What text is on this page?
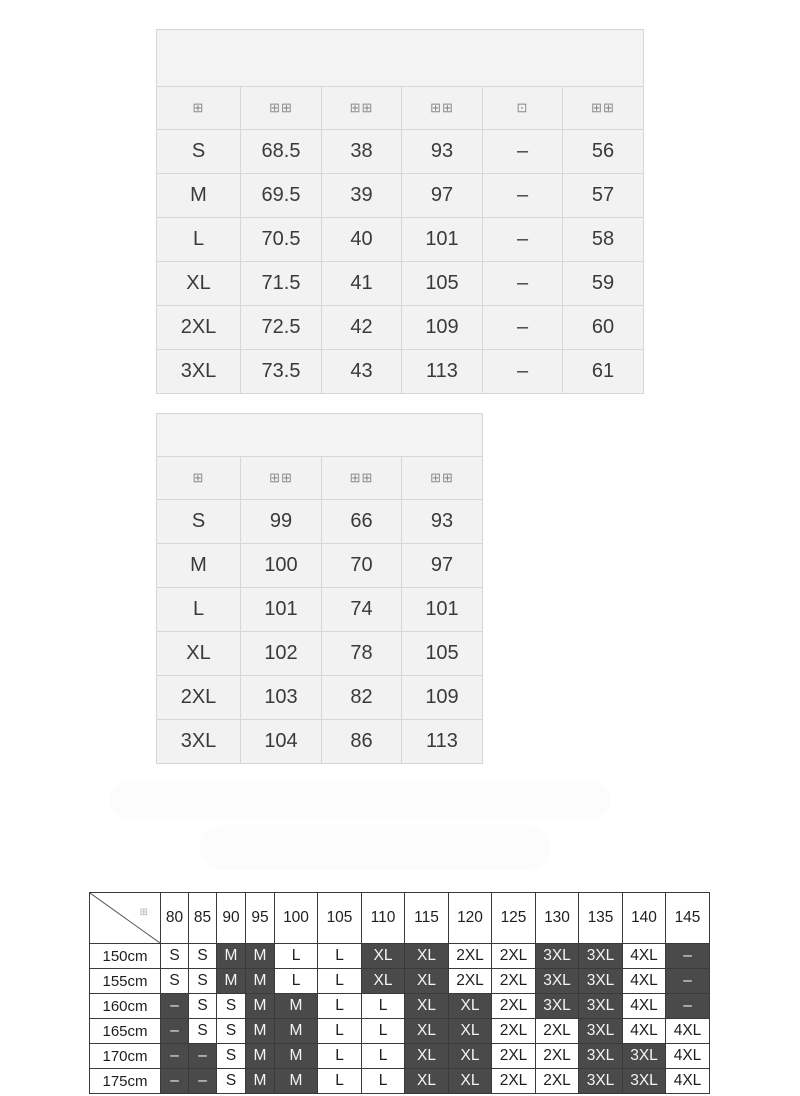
⊞	⊞⊞	⊞⊞	⊞⊞	⊡	⊞⊞
S	68.5	38	93	–	56
M	69.5	39	97	–	57
L	70.5	40	101	–	58
XL	71.5	41	105	–	59
2XL	72.5	42	109	–	60
3XL	73.5	43	113	–	61

⊞	⊞⊞	⊞⊞	⊞⊞
S	99	66	93
M	100	70	97
L	101	74	101
XL	102	78	105
2XL	103	82	109
3XL	104	86	113
⊞	80	85	90	95	100	105	110	115	120	125	130	135	140	145
150cm	S	S	M	M	L	L	XL	XL	2XL	2XL	3XL	3XL	4XL	–
155cm	S	S	M	M	L	L	XL	XL	2XL	2XL	3XL	3XL	4XL	–
160cm	–	S	S	M	M	L	L	XL	XL	2XL	3XL	3XL	4XL	–
165cm	–	S	S	M	M	L	L	XL	XL	2XL	2XL	3XL	4XL	4XL
170cm	–	–	S	M	M	L	L	XL	XL	2XL	2XL	3XL	3XL	4XL
175cm	–	–	S	M	M	L	L	XL	XL	2XL	2XL	3XL	3XL	4XL
